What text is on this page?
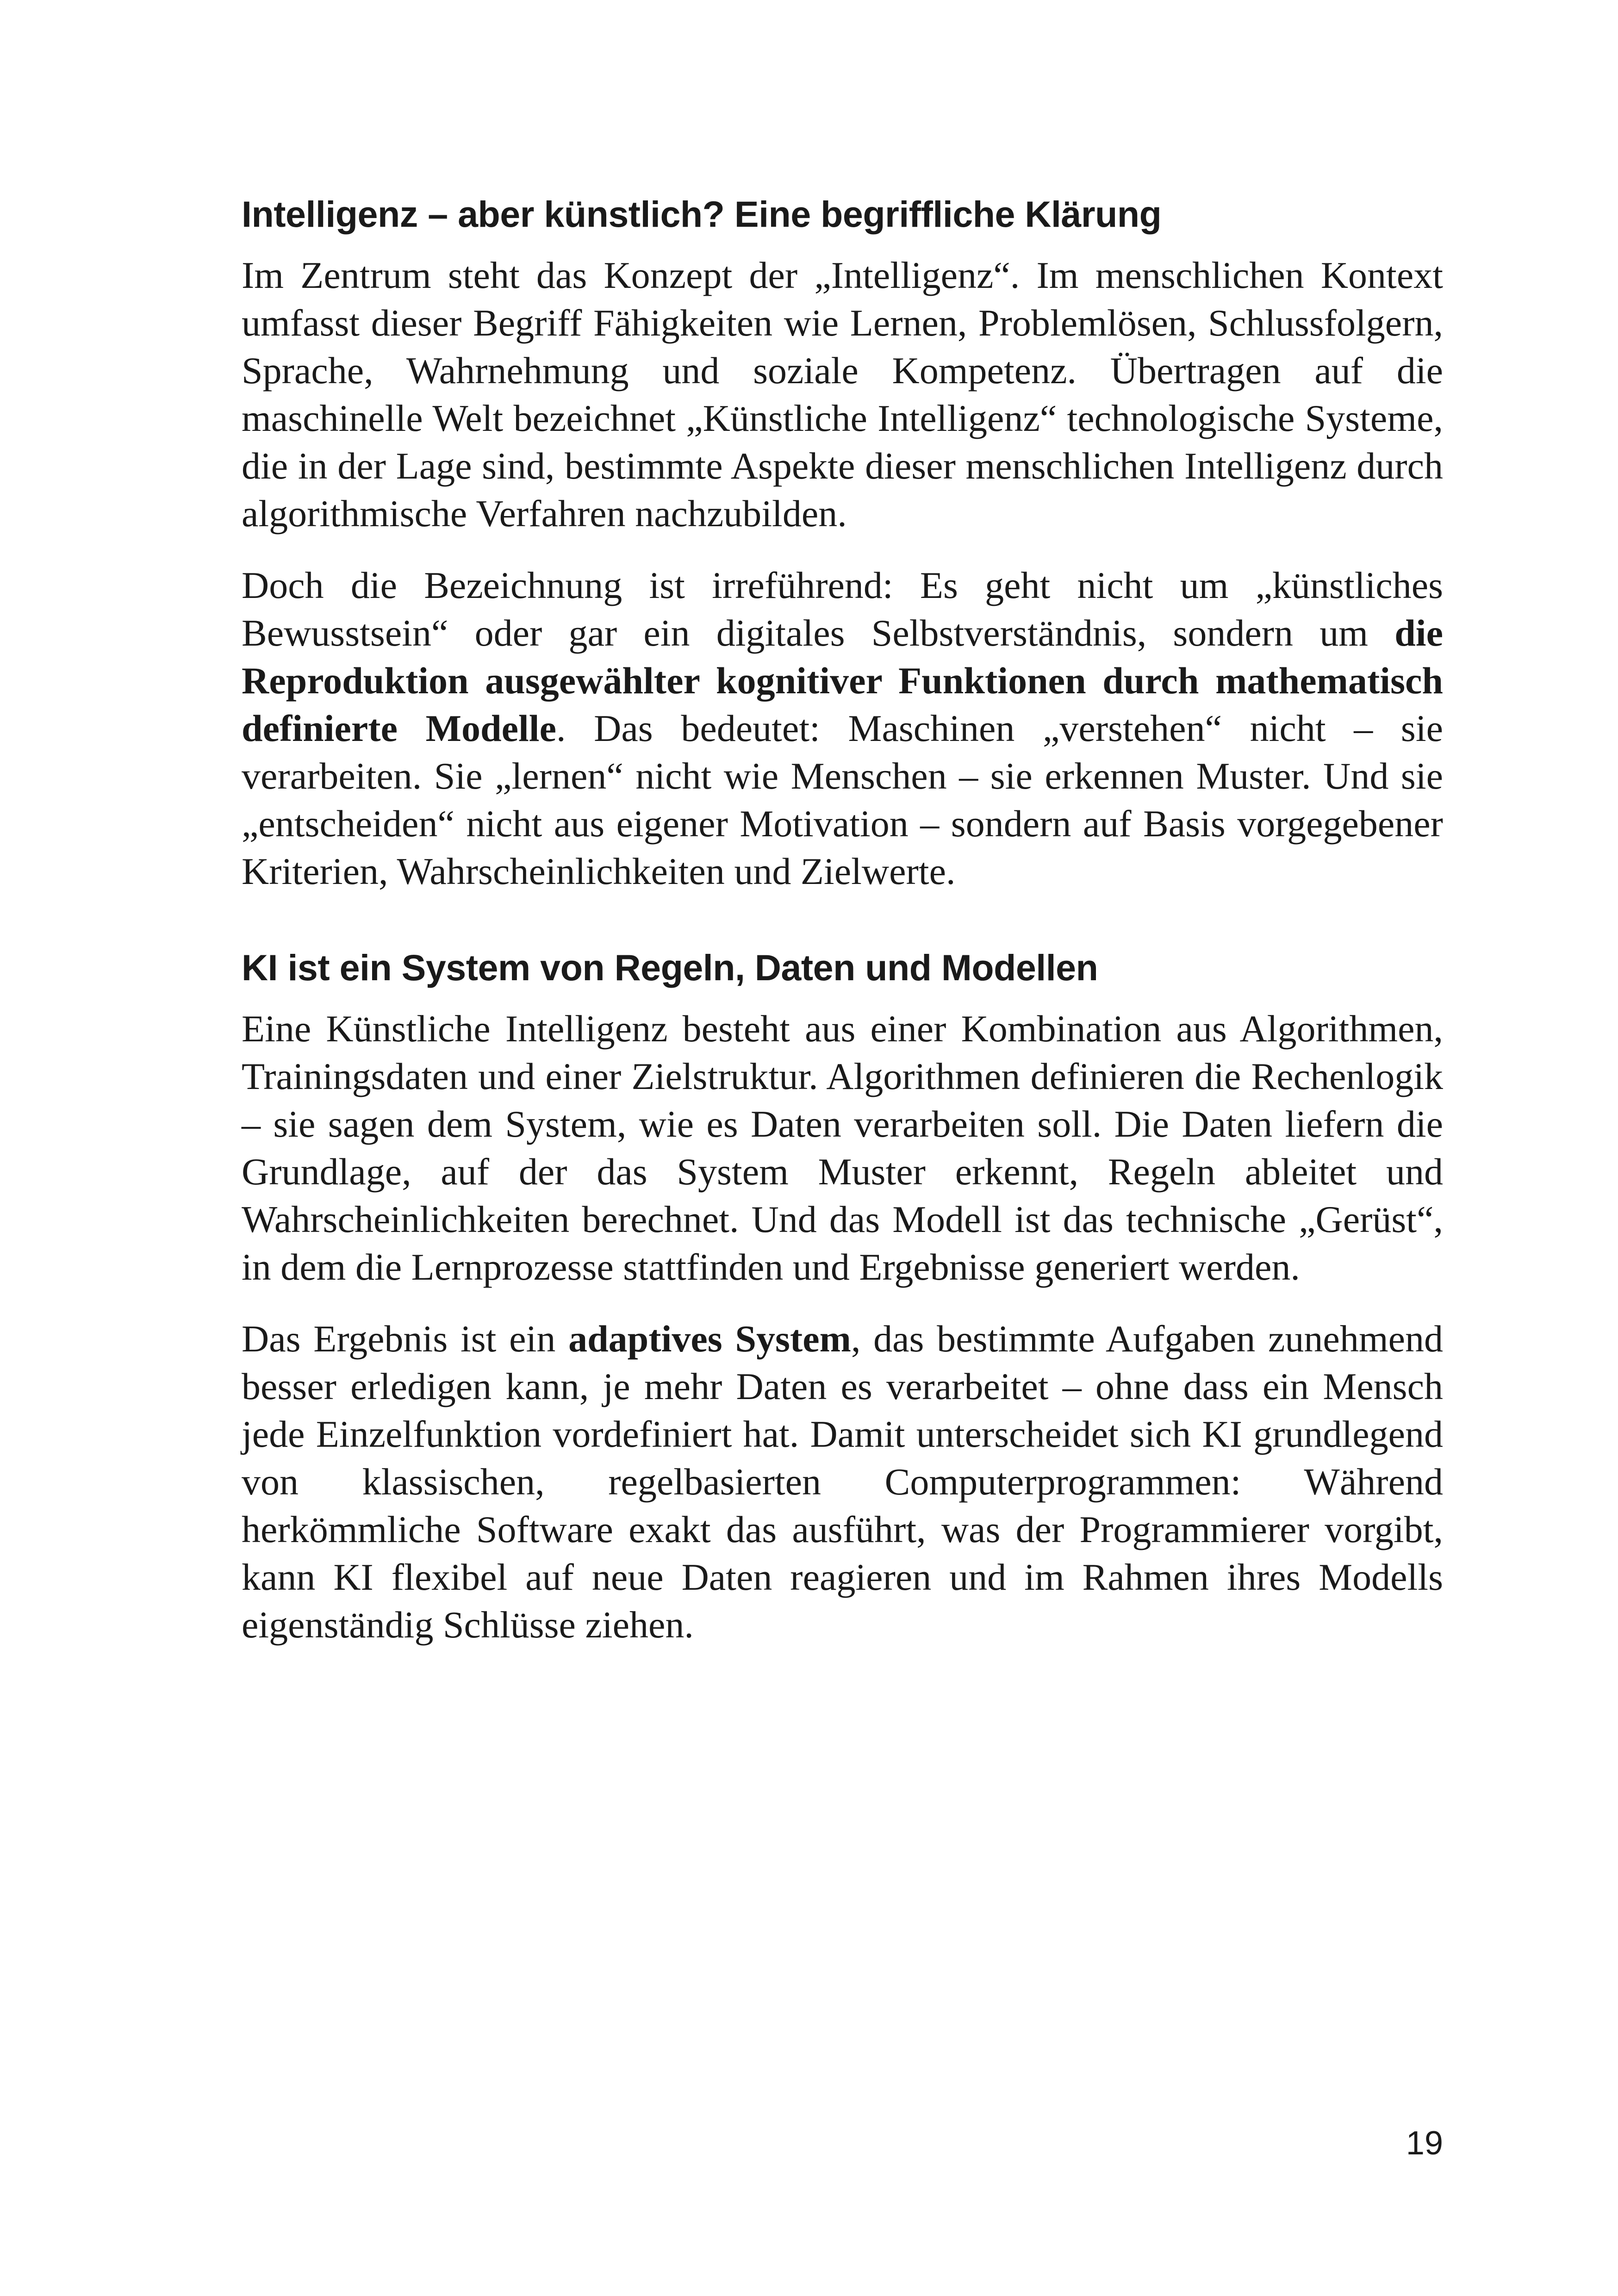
Intelligenz – aber künstlich? Eine begriffliche Klärung

Im Zentrum steht das Konzept der „Intelligenz“. Im menschlichen Kontext umfasst dieser Begriff Fähigkeiten wie Lernen, Problemlösen, Schlussfolgern, Sprache, Wahrnehmung und soziale Kompetenz. Übertragen auf die maschinelle Welt bezeichnet „Künstliche Intelligenz“ technologische Systeme, die in der Lage sind, bestimmte Aspekte dieser menschlichen Intelligenz durch algorithmische Verfahren nachzubilden.

Doch die Bezeichnung ist irreführend: Es geht nicht um „künstliches Bewusstsein“ oder gar ein digitales Selbstverständnis, sondern um die Reproduktion ausgewählter kognitiver Funktionen durch mathematisch definierte Modelle. Das bedeutet: Maschinen „verstehen“ nicht – sie verarbeiten. Sie „lernen“ nicht wie Menschen – sie erkennen Muster. Und sie „entscheiden“ nicht aus eigener Motivation – sondern auf Basis vorgegebener Kriterien, Wahrscheinlichkeiten und Zielwerte.

KI ist ein System von Regeln, Daten und Modellen

Eine Künstliche Intelligenz besteht aus einer Kombination aus Algorithmen, Trainingsdaten und einer Zielstruktur. Algorithmen definieren die Rechenlogik – sie sagen dem System, wie es Daten verarbeiten soll. Die Daten liefern die Grundlage, auf der das System Muster erkennt, Regeln ableitet und Wahrscheinlichkeiten berechnet. Und das Modell ist das technische „Gerüst“, in dem die Lernprozesse stattfinden und Ergebnisse generiert werden.

Das Ergebnis ist ein adaptives System, das bestimmte Aufgaben zunehmend besser erledigen kann, je mehr Daten es verarbeitet – ohne dass ein Mensch jede Einzelfunktion vordefiniert hat. Damit unterscheidet sich KI grundlegend von klassischen, regelbasierten Computerprogrammen: Während herkömmliche Software exakt das ausführt, was der Programmierer vorgibt, kann KI flexibel auf neue Daten reagieren und im Rahmen ihres Modells eigenständig Schlüsse ziehen.

19
